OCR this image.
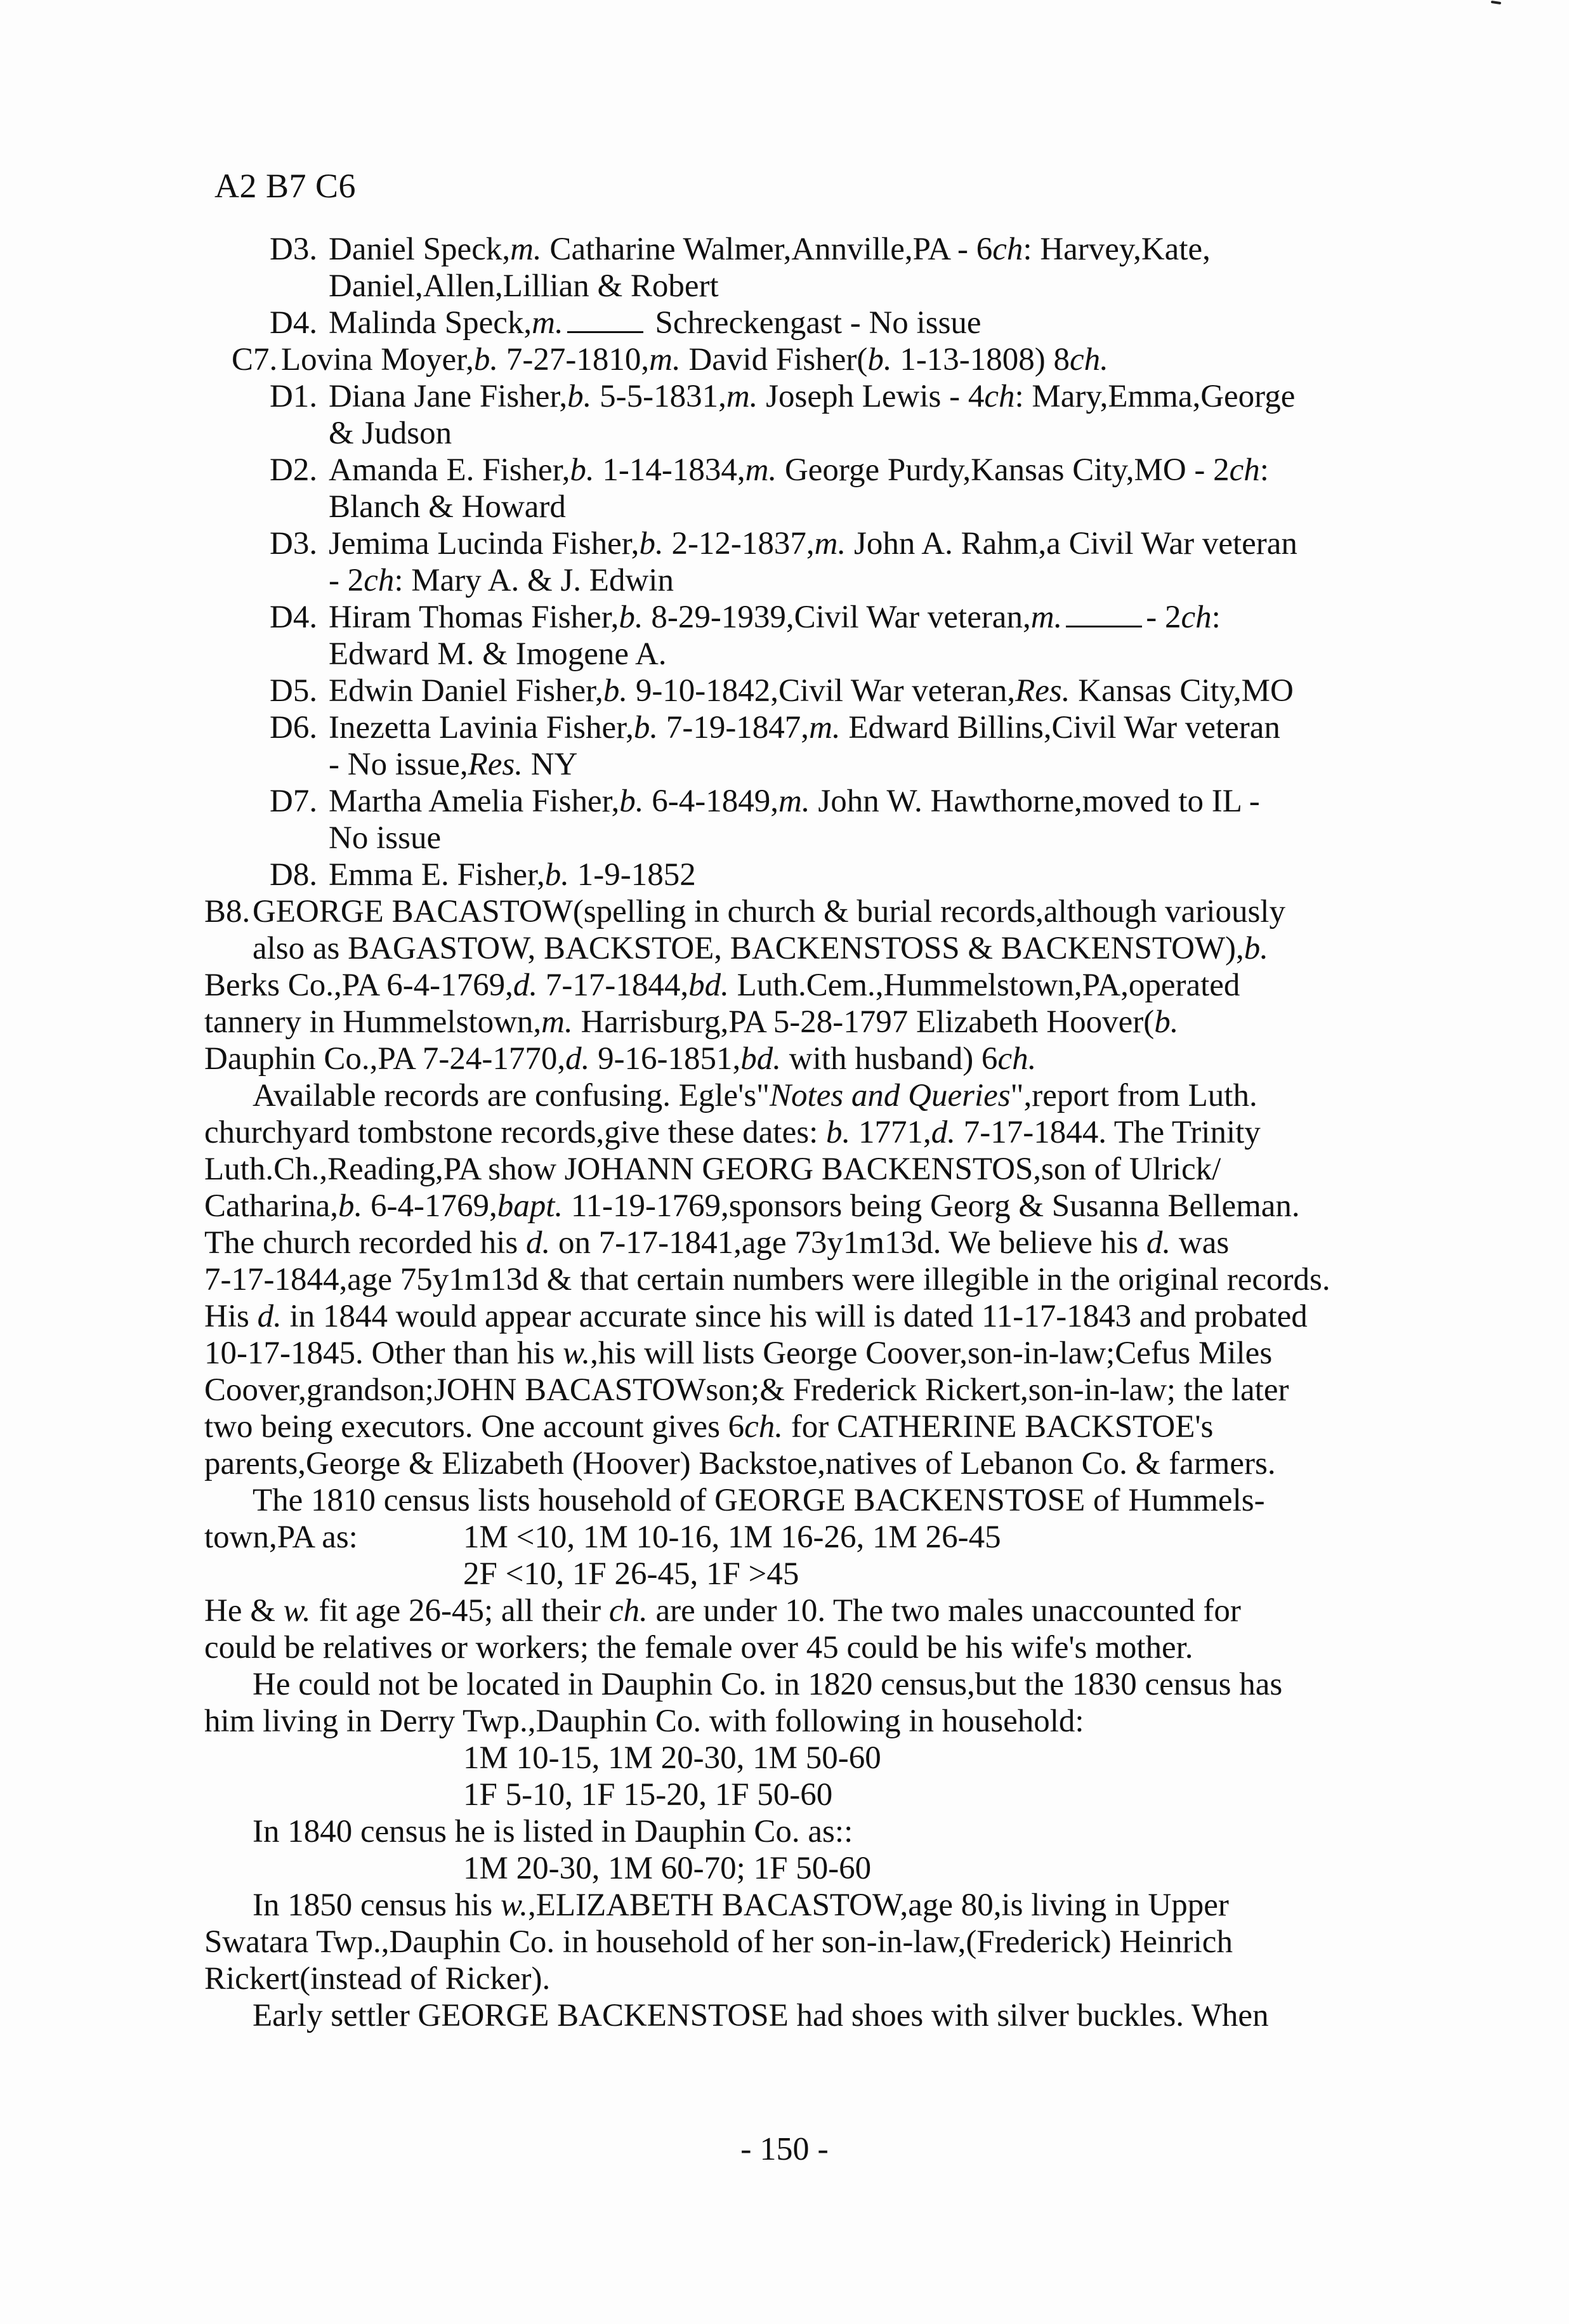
A2 B7 C6
D3. Daniel Speck,m. Catharine Walmer,Annville,PA - 6ch: Harvey,Kate,
Daniel,Allen,Lillian & Robert
D4. Malinda Speck,m.	Schreckengast - No issue
C7. Lovina Moyer,b. 7-27-1810,m. David Fisher(b. 1-13-1808) 8ch.
D1. Diana Jane Fisher,b. 5-5-1831,m. Joseph Lewis - 4ch: Mary,Emma,George
& Judson
D2. Amanda E. Fisher,b. 1-14-1834,m. George Purdy,Kansas City,MO - 2ch:
Blanch & Howard
D3. Jemima Lucinda Fisher,b. 2-12-1837,m. John A. Rahm,a Civil War veteran
- 2ch: Mary A. & J. Edwin
D4. Hiram Thomas Fisher,b. 8-29-1939,Civil War veteran,m.	- 2ch:
Edward M. & Imogene A.
D5. Edwin Daniel Fisher,b. 9-10-1842,Civil War veteran,Res. Kansas City,MO
D6. Inezetta Lavinia Fisher,b. 7-19-1847,m. Edward Billins,Civil War veteran
- No issue,Res. NY
D7. Martha Amelia Fisher,b. 6-4-1849,m. John W. Hawthorne,moved to IL -
No issue
D8. Emma E. Fisher,b. 1-9-1852
B8. GEORGE BACASTOW(spelling in church & burial records,although variously
also as BAGASTOW, BACKSTOE, BACKENSTOSS & BACKENSTOW),b.
Berks Co.,PA 6-4-1769,d. 7-17-1844,bd. Luth.Cem.,Hummelstown,PA,operated
tannery in Hummelstown,m. Harrisburg,PA 5-28-1797 Elizabeth Hoover(b.
Dauphin Co.,PA 7-24-1770,d. 9-16-1851,bd. with husband) 6ch.
Available records are confusing. Egle's"Notes and Queries",report from Luth.
churchyard tombstone records,give these dates: b. 1771,d. 7-17-1844. The Trinity
Luth.Ch.,Reading,PA show JOHANN GEORG BACKENSTOS,son of Ulrick/
Catharina,b. 6-4-1769,bapt. 11-19-1769,sponsors being Georg & Susanna Belleman.
The church recorded his d. on 7-17-1841,age 73y1m13d. We believe his d. was
7-17-1844,age 75y1m13d & that certain numbers were illegible in the original records.
His d. in 1844 would appear accurate since his will is dated 11-17-1843 and probated
10-17-1845. Other than his w.,his will lists George Coover,son-in-law;Cefus Miles
Coover,grandson;JOHN BACASTOWson;& Frederick Rickert,son-in-law; the later
two being executors. One account gives 6ch. for CATHERINE BACKSTOE's
parents,George & Elizabeth (Hoover) Backstoe,natives of Lebanon Co. & farmers.
The 1810 census lists household of GEORGE BACKENSTOSE of Hummels-
town,PA as:	1M <10, 1M 10-16, 1M 16-26, 1M 26-45
2F <10, 1F 26-45, 1F >45
He & w. fit age 26-45; all their ch. are under 10. The two males unaccounted for
could be relatives or workers; the female over 45 could be his wife's mother.
He could not be located in Dauphin Co. in 1820 census,but the 1830 census has
him living in Derry Twp.,Dauphin Co. with following in household:
1M 10-15, 1M 20-30, 1M 50-60
1F 5-10, 1F 15-20, 1F 50-60
In 1840 census he is listed in Dauphin Co. as::
1M 20-30, 1M 60-70; 1F 50-60
In 1850 census his w.,ELIZABETH BACASTOW,age 80,is living in Upper
Swatara Twp.,Dauphin Co. in household of her son-in-law,(Frederick) Heinrich
Rickert(instead of Ricker).
Early settler GEORGE BACKENSTOSE had shoes with silver buckles. When
- 150 -
